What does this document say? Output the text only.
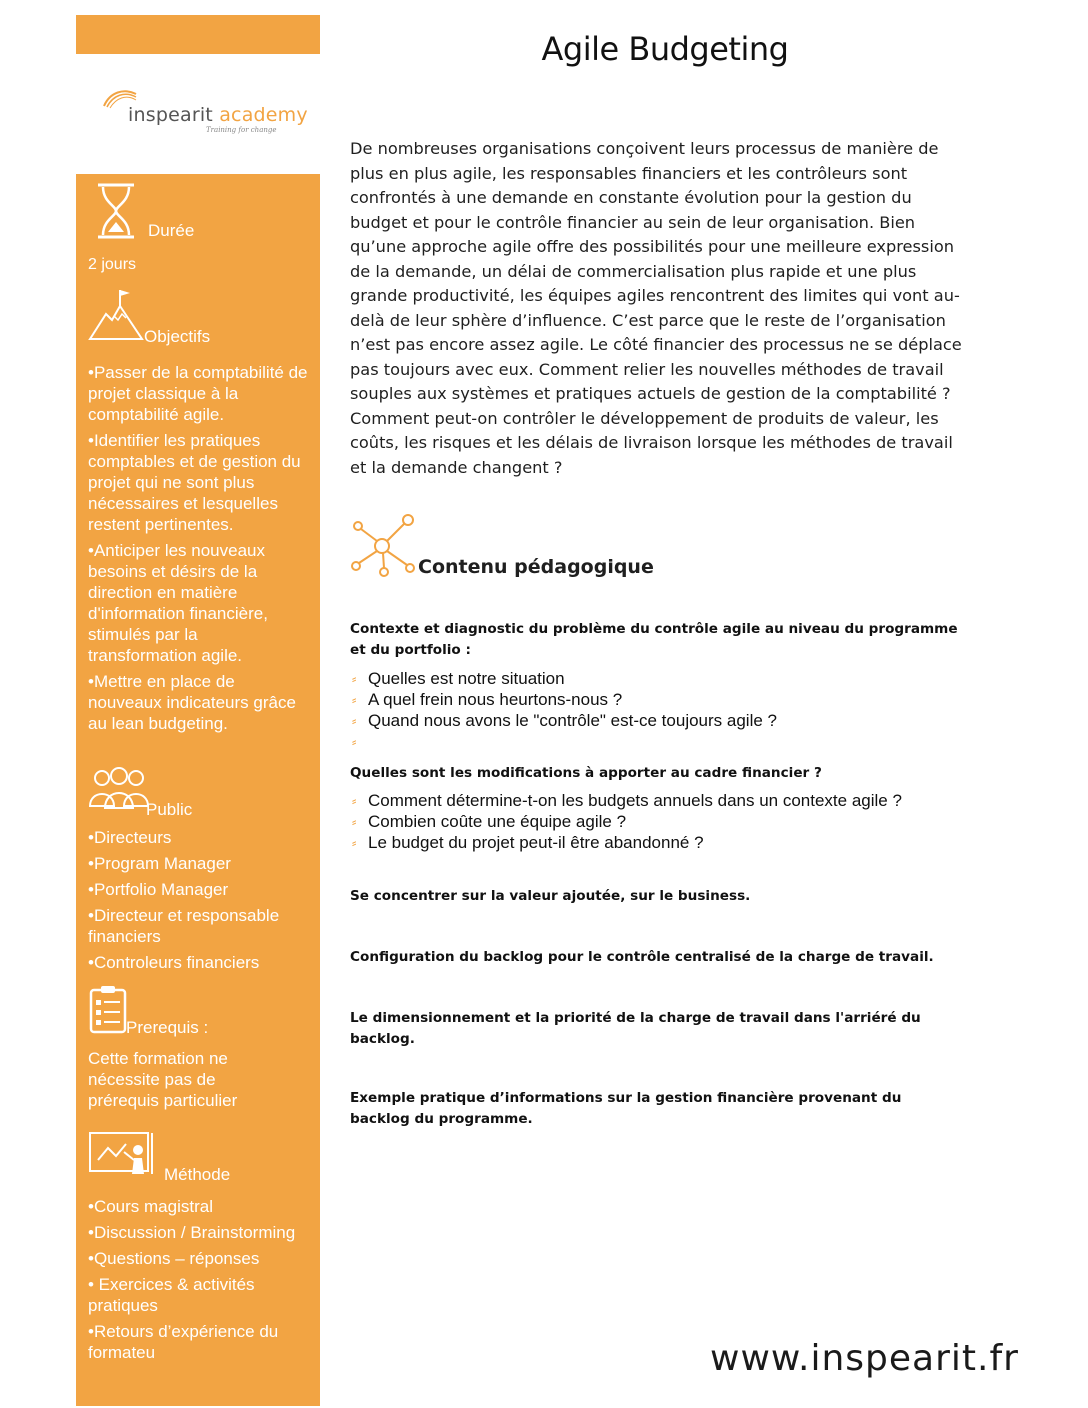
inspearit academy
Training for change
Durée
2 jours
Objectifs
•Passer de la comptabilité de projet classique à la comptabilité agile.
•Identifier les pratiques comptables et de gestion du projet qui ne sont plus nécessaires et lesquelles restent pertinentes.
•Anticiper les nouveaux besoins et désirs de la direction en matière d'information financière, stimulés par la transformation agile.
•Mettre en place de nouveaux indicateurs grâce au lean budgeting.
Public
•Directeurs
•Program Manager
•Portfolio Manager
•Directeur et responsable financiers
•Controleurs financiers
Prerequis :
Cette formation ne nécessite pas de prérequis particulier
Méthode
•Cours magistral
•Discussion / Brainstorming
•Questions – réponses
• Exercices & activités pratiques
•Retours d’expérience du formateu
Agile Budgeting
De nombreuses organisations conçoivent leurs processus de manière de plus en plus agile, les responsables financiers et les contrôleurs sont confrontés à une demande en constante évolution pour la gestion du budget et pour le contrôle financier au sein de leur organisation. Bien qu’une approche agile offre des possibilités pour une meilleure expression de la demande, un délai de commercialisation plus rapide et une plus grande productivité, les équipes agiles rencontrent des limites qui vont au-delà de leur sphère d’influence. C’est parce que le reste de l’organisation n’est pas encore assez agile. Le côté financier des processus ne se déplace pas toujours avec eux. Comment relier les nouvelles méthodes de travail souples aux systèmes et pratiques actuels de gestion de la comptabilité ? Comment peut-on contrôler le développement de produits de valeur, les coûts, les risques et les délais de livraison lorsque les méthodes de travail et la demande changent ?
Contenu pédagogique
Contexte et diagnostic du problème du contrôle agile au niveau du programme et du portfolio :
⸗ Quelles est notre situation
⸗ A quel frein nous heurtons-nous ?
⸗ Quand nous avons le "contrôle" est-ce toujours agile ?
⸗
Quelles sont les modifications à apporter au cadre financier ?
⸗ Comment détermine-t-on les budgets annuels dans un contexte agile ?
⸗ Combien coûte une équipe agile ?
⸗ Le budget du projet peut-il être abandonné ?
Se concentrer sur la valeur ajoutée, sur le business.
Configuration du backlog pour le contrôle centralisé de la charge de travail.
Le dimensionnement et la priorité de la charge de travail dans l'arriéré du backlog.
Exemple pratique d’informations sur la gestion financière provenant du backlog du programme.
www.inspearit.fr
